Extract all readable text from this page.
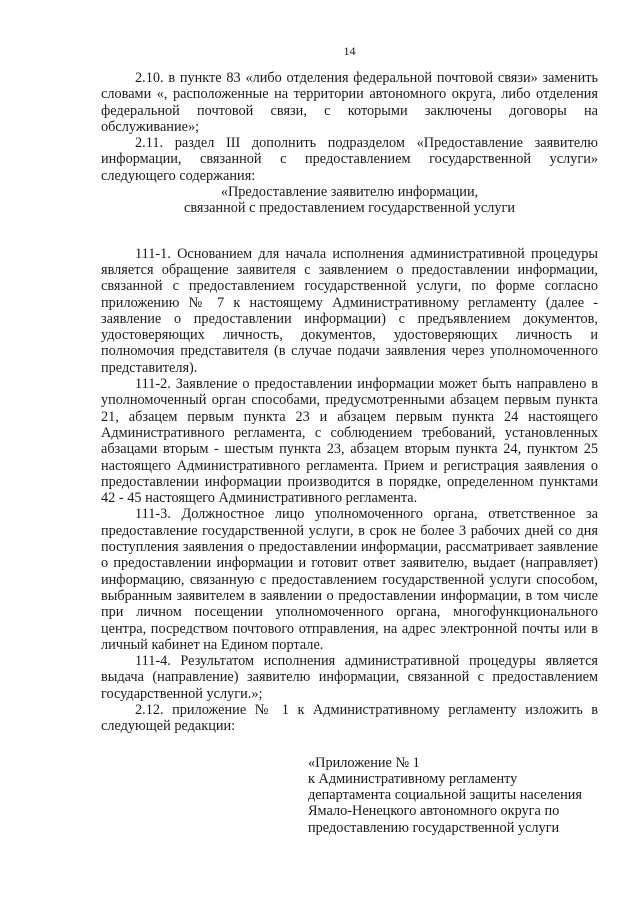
14

2.10. в пункте 83 «либо отделения федеральной почтовой связи» заменить словами «, расположенные на территории автономного округа, либо отделения федеральной почтовой связи, с которыми заключены договоры на обслуживание»;

2.11. раздел III дополнить подразделом «Предоставление заявителю информации, связанной с предоставлением государственной услуги» следующего содержания:

«Предоставление заявителю информации,
связанной с предоставлением государственной услуги

111-1. Основанием для начала исполнения административной процедуры является обращение заявителя с заявлением о предоставлении информации, связанной с предоставлением государственной услуги, по форме согласно приложению № 7 к настоящему Административному регламенту (далее - заявление о предоставлении информации) с предъявлением документов, удостоверяющих личность, документов, удостоверяющих личность и полномочия представителя (в случае подачи заявления через уполномоченного представителя).

111-2. Заявление о предоставлении информации может быть направлено в уполномоченный орган способами, предусмотренными абзацем первым пункта 21, абзацем первым пункта 23 и абзацем первым пункта 24 настоящего Административного регламента, с соблюдением требований, установленных абзацами вторым - шестым пункта 23, абзацем вторым пункта 24, пунктом 25 настоящего Административного регламента. Прием и регистрация заявления о предоставлении информации производится в порядке, определенном пунктами 42 - 45 настоящего Административного регламента.

111-3. Должностное лицо уполномоченного органа, ответственное за предоставление государственной услуги, в срок не более 3 рабочих дней со дня поступления заявления о предоставлении информации, рассматривает заявление о предоставлении информации и готовит ответ заявителю, выдает (направляет) информацию, связанную с предоставлением государственной услуги способом, выбранным заявителем в заявлении о предоставлении информации, в том числе при личном посещении уполномоченного органа, многофункционального центра, посредством почтового отправления, на адрес электронной почты или в личный кабинет на Едином портале.

111-4. Результатом исполнения административной процедуры является выдача (направление) заявителю информации, связанной с предоставлением государственной услуги.»;

2.12. приложение № 1 к Административному регламенту изложить в следующей редакции:

«Приложение № 1
к Административному регламенту
департамента социальной защиты населения
Ямало-Ненецкого автономного округа по
предоставлению государственной услуги
